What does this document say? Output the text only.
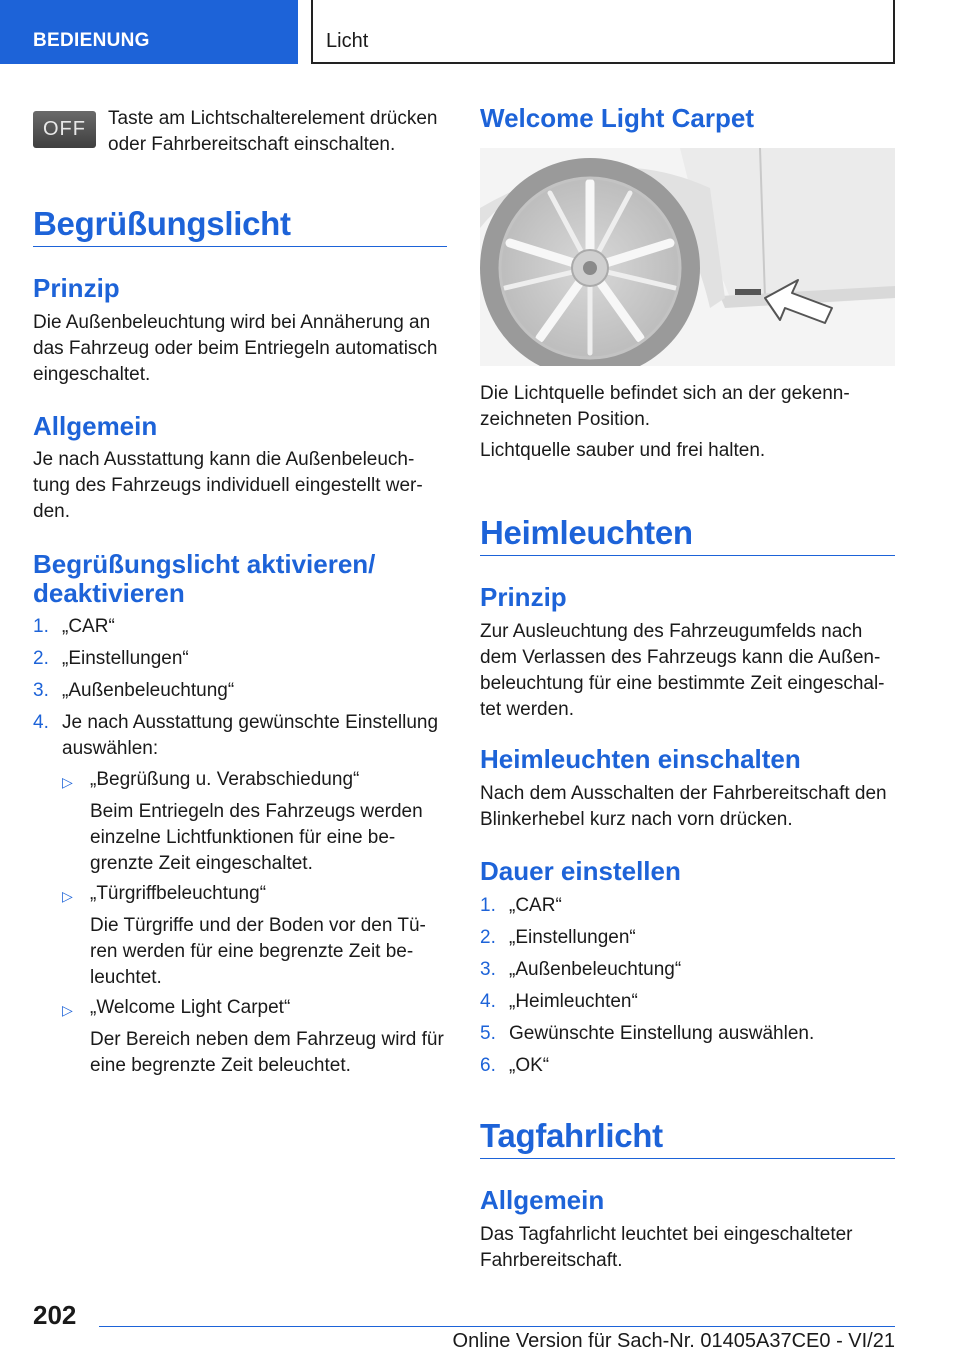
BEDIENUNG	Licht
OFF	Taste am Lichtschalterelement drücken
oder Fahrbereitschaft einschalten.
Begrüßungslicht
Prinzip
Die Außenbeleuchtung wird bei Annäherung an
das Fahrzeug oder beim Entriegeln automatisch
eingeschaltet.
Allgemein
Je nach Ausstattung kann die Außenbeleuch-
tung des Fahrzeugs individuell eingestellt wer-
den.
Begrüßungslicht aktivieren/
deaktivieren
1. „CAR“
2. „Einstellungen“
3. „Außenbeleuchtung“
4. Je nach Ausstattung gewünschte Einstellung
auswählen:
▷ „Begrüßung u. Verabschiedung“
Beim Entriegeln des Fahrzeugs werden
einzelne Lichtfunktionen für eine be-
grenzte Zeit eingeschaltet.
▷ „Türgriffbeleuchtung“
Die Türgriffe und der Boden vor den Tü-
ren werden für eine begrenzte Zeit be-
leuchtet.
▷ „Welcome Light Carpet“
Der Bereich neben dem Fahrzeug wird für
eine begrenzte Zeit beleuchtet.
Welcome Light Carpet
Die Lichtquelle befindet sich an der gekenn-
zeichneten Position.
Lichtquelle sauber und frei halten.
Heimleuchten
Prinzip
Zur Ausleuchtung des Fahrzeugumfelds nach
dem Verlassen des Fahrzeugs kann die Außen-
beleuchtung für eine bestimmte Zeit eingeschal-
tet werden.
Heimleuchten einschalten
Nach dem Ausschalten der Fahrbereitschaft den
Blinkerhebel kurz nach vorn drücken.
Dauer einstellen
1. „CAR“
2. „Einstellungen“
3. „Außenbeleuchtung“
4. „Heimleuchten“
5. Gewünschte Einstellung auswählen.
6. „OK“
Tagfahrlicht
Allgemein
Das Tagfahrlicht leuchtet bei eingeschalteter
Fahrbereitschaft.
202
Online Version für Sach-Nr. 01405A37CE0 - VI/21
